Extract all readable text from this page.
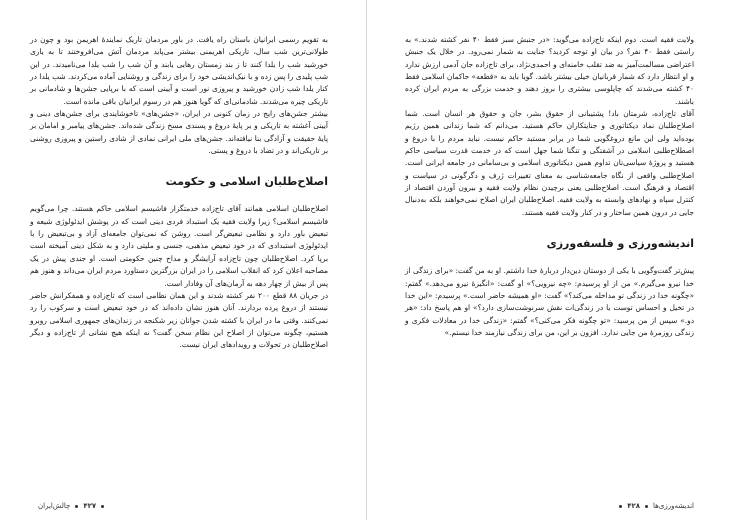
به تقویم رسمی ایرانیان باستان راه یافت. در باور مردمان تاریک نمایندهٔ اهریمن بود و چون در طولانی‌ترین شب سال، تاریکی اهریمنی بیشتر می‌پاید مردمان آتش می‌افروختند تا به یاری خورشید شب را یلدا کنند تا ز بند زمستان رهایی یابند و آن شب را شب یلدا می‌نامیدند. در این شب پلیدی را پس زده و با نیک‌اندیشی خود را برای زندگی و روشنایی آماده می‌کردند. شب یلدا در کنار یلدا شب زادن خورشید و پیروزی نور است و آیینی است که با برپایی جشن‌ها و شادمانی بر تاریکی چیره می‌شدند. شادمانی‌ای که گویا هنوز هم در رسوم ایرانیان باقی مانده است.

بیشتر جشن‌های رایج در زمان کنونی در ایران، «جشن‌های» تاخوشایندی برای جشن‌های دینی و آیینی آغشته به تاریکی و بر پایهٔ دروغ و پسندی مسخ زندگی شده‌اند. جشن‌های پیامبر و امامان بر پایهٔ حقیقت و آزادگی بنا نیافته‌اند. جشن‌های ملی ایرانی نمادی از شادی راستین و پیروزی روشنی بر تاریکی‌اند و در تضاد با دروغ و پستی.

اصلاح‌طلبان اسلامی و حکومت

اصلاح‌طلبان اسلامی همانند آقای تاج‌زاده خدمتگزار فاشیسم اسلامی حاکم هستند. چرا می‌گویم فاشیسم اسلامی؟ زیرا ولایت فقیه یک استبداد فردی دینی است که در پوشش ایدئولوژی شیعه و تبعیض باور دارد و نظامی تبعیض‌گر است. روشن که نمی‌توان جامعه‌ای آزاد و بی‌تبعیض را با ایدئولوژی استبدادی که در خود تبعیض مذهبی، جنسی و ملیتی دارد و به شکل دینی آمیخته است برپا کرد. اصلاح‌طلبان چون تاج‌زاده آرایشگر و مداح چنین حکومتی است. او جندی پیش در یک مصاحبه اعلان کرد که انقلاب اسلامی را در ایران بزرگترین دستاورد مردم ایران می‌داند و هنوز هم پس از بیش از چهار دهه به آرمان‌های آن وفادار است.

در جریان ۸۸ قطع ۲۰۰ نفر کشته شدند و این همان نظامی است که تاج‌زاده و همفکرانش حاضر نیستند از دروغ پرده بردارند. آنان هنوز نشان داده‌اند که در خود تبعیض است و سرکوب را رد نمی‌کنند. وقتی ما در ایران با کشته شدن جوانان زیر شکنجه در زندان‌های جمهوری اسلامی روبرو هستیم، چگونه می‌توان از اصلاح این نظام سخن گفت؟ نه اینکه هیچ نشانی از تاج‌زاده و دیگر اصلاح‌طلبان در تحولات و رویدادهای ایران نیست.

۴۲۷
چالش‌ایران

ولایت فقیه است. دوم اینکه تاج‌زاده می‌گوید: «در جنبش سبز فقط ۴۰ نفر کشته شدند.» به راستی فقط ۴۰ نفر؟ در بیان او توجه کردید؟ جنایت به شمار نمی‌رود. در خلال یک جنبش اعتراضی مسالمت‌آمیز به ضد تقلب خامنه‌ای و احمدی‌نژاد، برای تاج‌زاده جان آدمی ارزش ندارد و او انتظار دارد که شمار قربانیان خیلی بیشتر باشد. گویا باید به «قطعه» حاکمان اسلامی فقط ۴۰ کشته می‌شدند که چاپلوسی بیشتری را بروز دهند و خدمت بزرگی به مردم ایران کرده باشند.

آقای تاج‌زاده، شرمتان باد! پشتیبانی از حقوق بشر، جان و حقوق هر انسان است. شما اصلاح‌طلبان نماد دیکتاتوری و جنایتکاران حاکم هستید. می‌دانم که شما زندانی همین رژیم بوده‌اید ولی این مانع دروغگویی شما در برابر مستبد حاکم نیست. نباید مردم را با دروغ و اصطلاح‌طلبی اسلامی در آشفتگی و تنگنا شما جهل است که در خدمت قدرت سیاسی حاکم هستید و پروژهٔ سیاسی‌تان تداوم همین دیکتاتوری اسلامی و بی‌سامانی در جامعه ایرانی است. اصلاح‌طلبی واقعی از نگاه جامعه‌شناسی به معنای تغییرات ژرف و دگرگونی در سیاست و اقتصاد و فرهنگ است. اصلاح‌طلبی یعنی برچیدن نظام ولایت فقیه و بیرون آوردن اقتصاد از کنترل سپاه و نهادهای وابسته به ولایت فقیه. اصلاح‌طلبان ایران اصلاح نمی‌خواهند بلکه به‌دنبال جایی در درون همین ساختار و در کنار ولایت فقیه هستند.

اندیشه‌ورزی و فلسفه‌ورزی

پیش‌تر گفت‌وگویی با یکی از دوستان دین‌دار دربارهٔ خدا داشتم. او به من گفت: «برای زندگی از خدا نیرو می‌گیرم.» من از او پرسیدم: «چه نیرویی؟» او گفت: «انگیزهٔ نیرو می‌دهد.» گفتم: «چگونه خدا در زندگی تو مداخله می‌کند؟» گفت: «او همیشه حاضر است.» پرسیدم: «این خدا در تخیل و احساس توست یا در زندگی‌ات نقش سرنوشت‌سازی دارد؟» او هم پاسخ داد: «هر دو.» سپس از من پرسید: «تو چگونه فکر می‌کنی؟» گفتم: «زندگی خدا در معادلات فکری و زندگی روزمرهٔ من جایی ندارد. افزون بر این، من برای زندگی نیازمند خدا نیستم.»

اندیشه‌ورزی‌ها
۴۲۸
